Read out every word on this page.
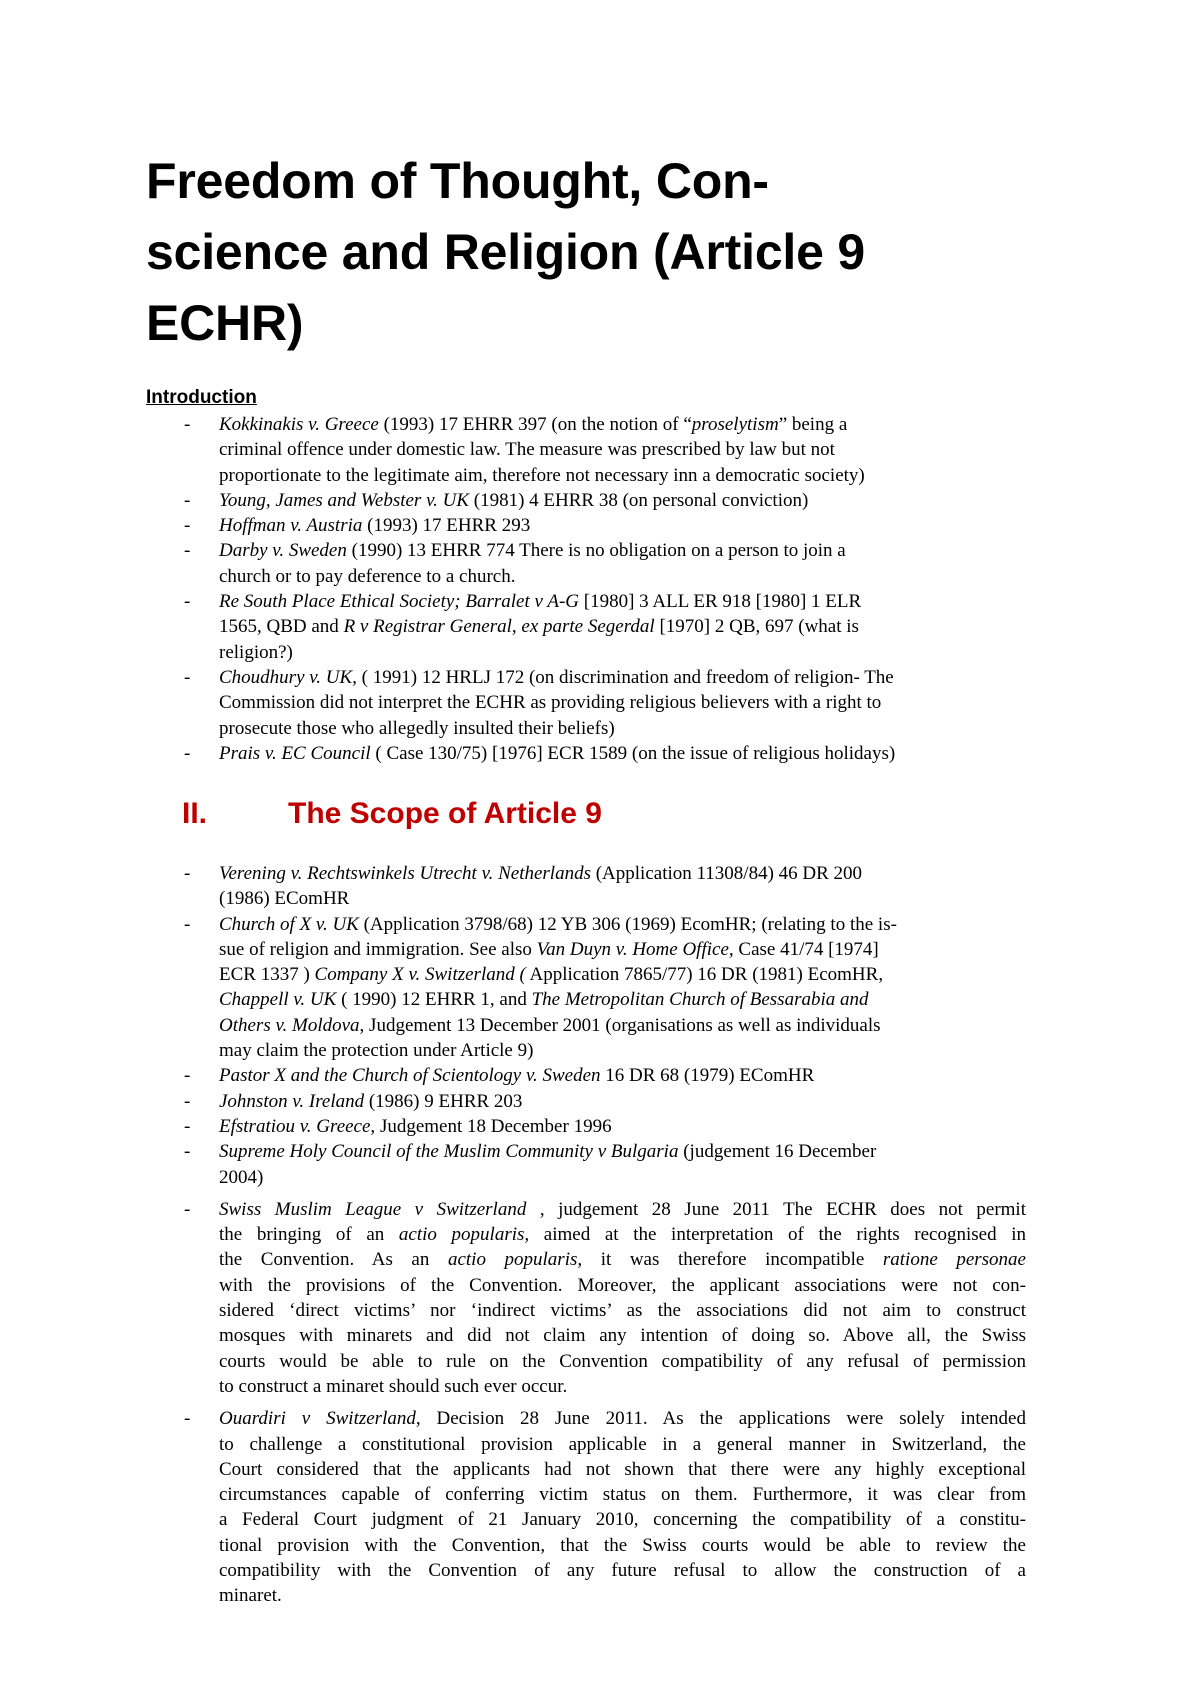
Freedom of Thought, Con-
science and Religion (Article 9
ECHR)
Introduction
- Kokkinakis v. Greece (1993) 17 EHRR 397 (on the notion of “proselytism” being a
criminal offence under domestic law. The measure was prescribed by law but not
proportionate to the legitimate aim, therefore not necessary inn a democratic society)
- Young, James and Webster v. UK (1981) 4 EHRR 38 (on personal conviction)
- Hoffman v. Austria (1993) 17 EHRR 293
- Darby v. Sweden (1990) 13 EHRR 774 There is no obligation on a person to join a
church or to pay deference to a church.
- Re South Place Ethical Society; Barralet v A-G [1980] 3 ALL ER 918 [1980] 1 ELR
1565, QBD and R v Registrar General, ex parte Segerdal [1970] 2 QB, 697 (what is
religion?)
- Choudhury v. UK, ( 1991) 12 HRLJ 172 (on discrimination and freedom of religion- The
Commission did not interpret the ECHR as providing religious believers with a right to
prosecute those who allegedly insulted their beliefs)
- Prais v. EC Council ( Case 130/75) [1976] ECR 1589 (on the issue of religious holidays)
II.	The Scope of Article 9
- Verening v. Rechtswinkels Utrecht v. Netherlands (Application 11308/84) 46 DR 200
(1986) EComHR
- Church of X v. UK (Application 3798/68) 12 YB 306 (1969) EcomHR; (relating to the is-
sue of religion and immigration. See also Van Duyn v. Home Office, Case 41/74 [1974]
ECR 1337 ) Company X v. Switzerland ( Application 7865/77) 16 DR (1981) EcomHR,
Chappell v. UK ( 1990) 12 EHRR 1, and The Metropolitan Church of Bessarabia and
Others v. Moldova, Judgement 13 December 2001 (organisations as well as individuals
may claim the protection under Article 9)
- Pastor X and the Church of Scientology v. Sweden 16 DR 68 (1979) EComHR
- Johnston v. Ireland (1986) 9 EHRR 203
- Efstratiou v. Greece, Judgement 18 December 1996
- Supreme Holy Council of the Muslim Community v Bulgaria (judgement 16 December
2004)
- Swiss Muslim League v Switzerland , judgement 28 June 2011 The ECHR does not permit
the bringing of an actio popularis, aimed at the interpretation of the rights recognised in
the Convention. As an actio popularis, it was therefore incompatible ratione personae
with the provisions of the Convention. Moreover, the applicant associations were not con-
sidered ‘direct victims’ nor ‘indirect victims’ as the associations did not aim to construct
mosques with minarets and did not claim any intention of doing so. Above all, the Swiss
courts would be able to rule on the Convention compatibility of any refusal of permission
to construct a minaret should such ever occur.
- Ouardiri v Switzerland, Decision 28 June 2011. As the applications were solely intended
to challenge a constitutional provision applicable in a general manner in Switzerland, the
Court considered that the applicants had not shown that there were any highly exceptional
circumstances capable of conferring victim status on them. Furthermore, it was clear from
a Federal Court judgment of 21 January 2010, concerning the compatibility of a constitu-
tional provision with the Convention, that the Swiss courts would be able to review the
compatibility with the Convention of any future refusal to allow the construction of a
minaret.
